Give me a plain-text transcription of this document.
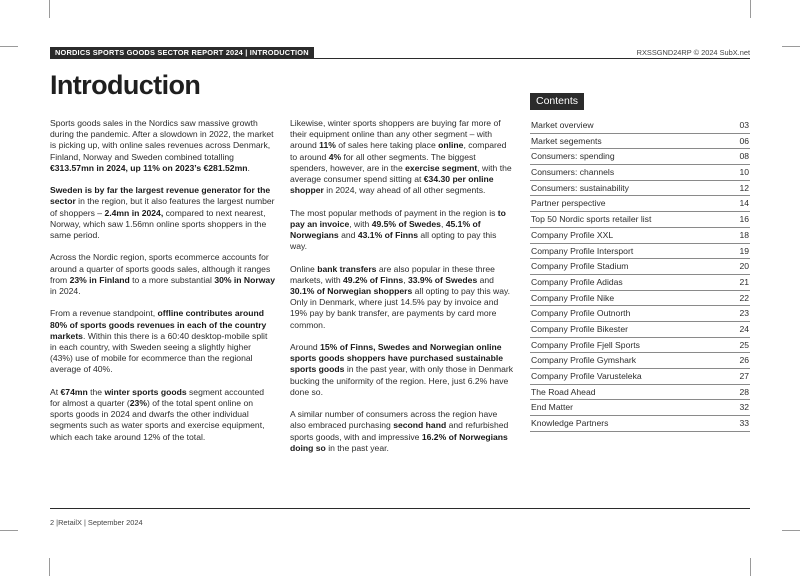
NORDICS SPORTS GOODS SECTOR REPORT 2024 | INTRODUCTION	RXSSGND24RP © 2024 SubX.net
Introduction

Sports goods sales in the Nordics saw massive growth during the pandemic. After a slowdown in 2022, the market is picking up, with online sales revenues across Denmark, Finland, Norway and Sweden combined totalling €313.57mn in 2024, up 11% on 2023’s €281.52mn.

Sweden is by far the largest revenue generator for the sector in the region, but it also features the largest number of shoppers – 2.4mn in 2024, compared to next nearest, Norway, which saw 1.56mn online sports shoppers in the same period.

Across the Nordic region, sports ecommerce accounts for around a quarter of sports goods sales, although it ranges from 23% in Finland to a more substantial 30% in Norway in 2024.

From a revenue standpoint, offline contributes around 80% of sports goods revenues in each of the country markets. Within this there is a 60:40 desktop-mobile split in each country, with Sweden seeing a slightly higher (43%) use of mobile for ecommerce than the regional average of 40%.

At €74mn the winter sports goods segment accounted for almost a quarter (23%) of the total spent online on sports goods in 2024 and dwarfs the other individual segments such as water sports and exercise equipment, which each take around 12% of the total.

Likewise, winter sports shoppers are buying far more of their equipment online than any other segment – with around 11% of sales here taking place online, compared to around 4% for all other segments. The biggest spenders, however, are in the exercise segment, with the average consumer spend sitting at €34.30 per online shopper in 2024, way ahead of all other segments.

The most popular methods of payment in the region is to pay an invoice, with 49.5% of Swedes, 45.1% of Norwegians and 43.1% of Finns all opting to pay this way.

Online bank transfers are also popular in these three markets, with 49.2% of Finns, 33.9% of Swedes and 30.1% of Norwegian shoppers all opting to pay this way. Only in Denmark, where just 14.5% pay by invoice and 19% pay by bank transfer, are payments by card more common.

Around 15% of Finns, Swedes and Norwegian online sports goods shoppers have purchased sustainable sports goods in the past year, with only those in Denmark bucking the uniformity of the region. Here, just 6.2% have done so.

A similar number of consumers across the region have also embraced purchasing second hand and refurbished sports goods, with and impressive 16.2% of Norwegians doing so in the past year.

Contents
Market overview	03
Market segements	06
Consumers: spending	08
Consumers: channels	10
Consumers: sustainability	12
Partner perspective	14
Top 50 Nordic sports retailer list	16
Company Profile XXL	18
Company Profile Intersport	19
Company Profile Stadium	20
Company Profile Adidas	21
Company Profile Nike	22
Company Profile Outnorth	23
Company Profile Bikester	24
Company Profile Fjell Sports	25
Company Profile Gymshark	26
Company Profile Varusteleka	27
The Road Ahead	28
End Matter	32
Knowledge Partners	33
2 |RetailX | September 2024
